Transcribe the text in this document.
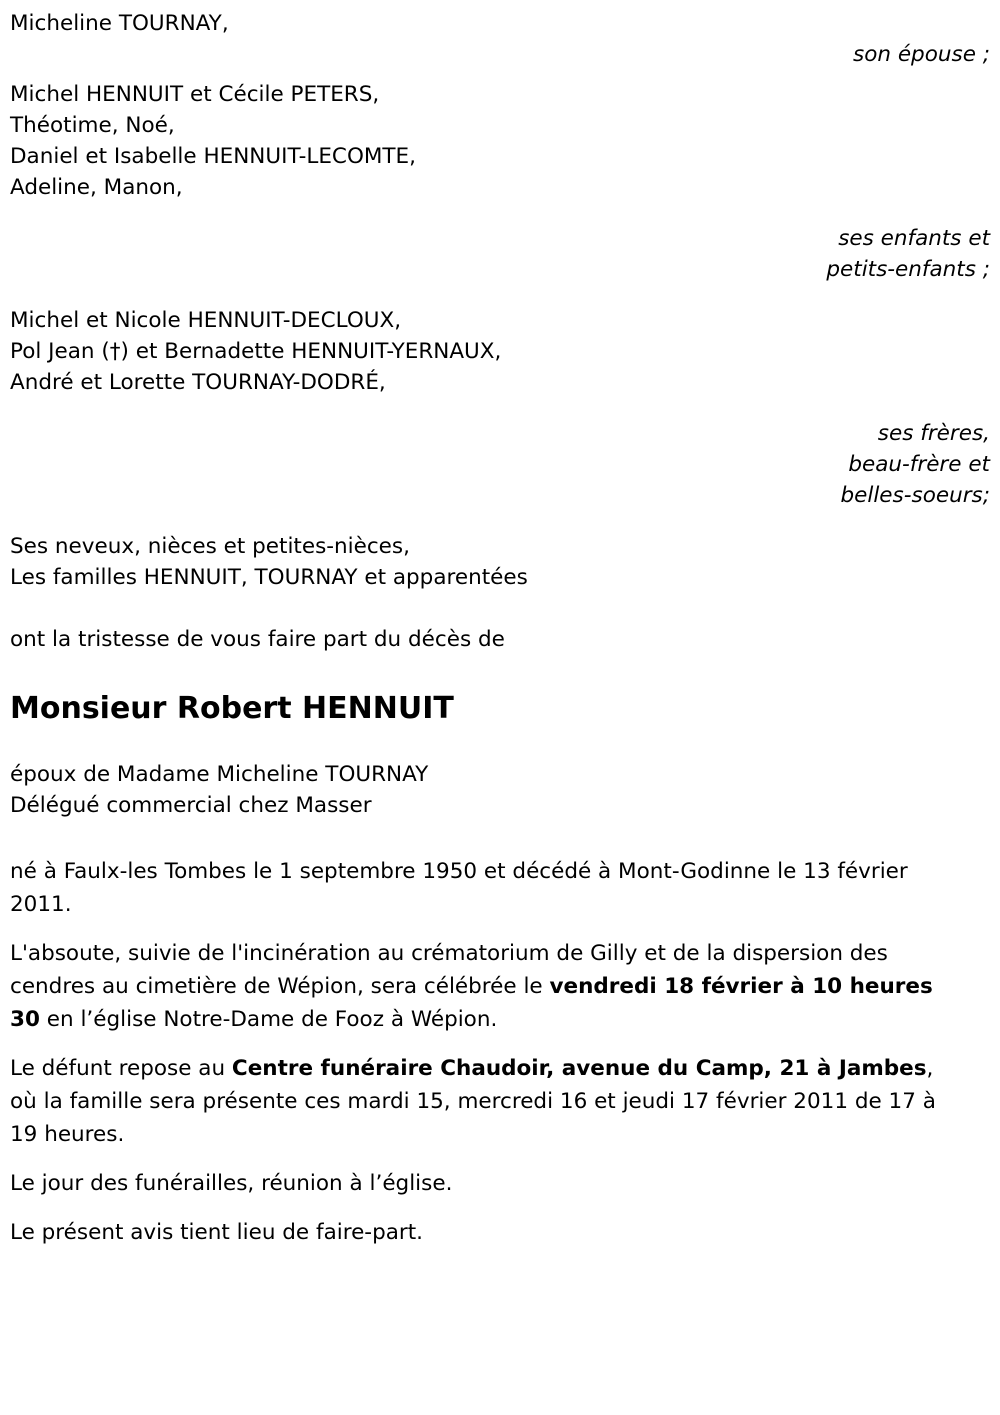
Micheline TOURNAY,
son épouse ;
Michel HENNUIT et Cécile PETERS,
Théotime, Noé,
Daniel et Isabelle HENNUIT-LECOMTE,
Adeline, Manon,
ses enfants et
petits-enfants ;
Michel et Nicole HENNUIT-DECLOUX,
Pol Jean (†) et Bernadette HENNUIT-YERNAUX,
André et Lorette TOURNAY-DODRÉ,
ses frères,
beau-frère et
belles-soeurs;
Ses neveux, nièces et petites-nièces,
Les familles HENNUIT, TOURNAY et apparentées
ont la tristesse de vous faire part du décès de
Monsieur Robert HENNUIT
époux de Madame Micheline TOURNAY
Délégué commercial chez Masser

né à Faulx-les Tombes le 1 septembre 1950 et décédé à Mont-Godinne le 13 février 2011.

L'absoute, suivie de l'incinération au crématorium de Gilly et de la dispersion des cendres au cimetière de Wépion, sera célébrée le vendredi 18 février à 10 heures 30 en l’église Notre-Dame de Fooz à Wépion.

Le défunt repose au Centre funéraire Chaudoir, avenue du Camp, 21 à Jambes, où la famille sera présente ces mardi 15, mercredi 16 et jeudi 17 février 2011 de 17 à 19 heures.

Le jour des funérailles, réunion à l’église.

Le présent avis tient lieu de faire-part.
